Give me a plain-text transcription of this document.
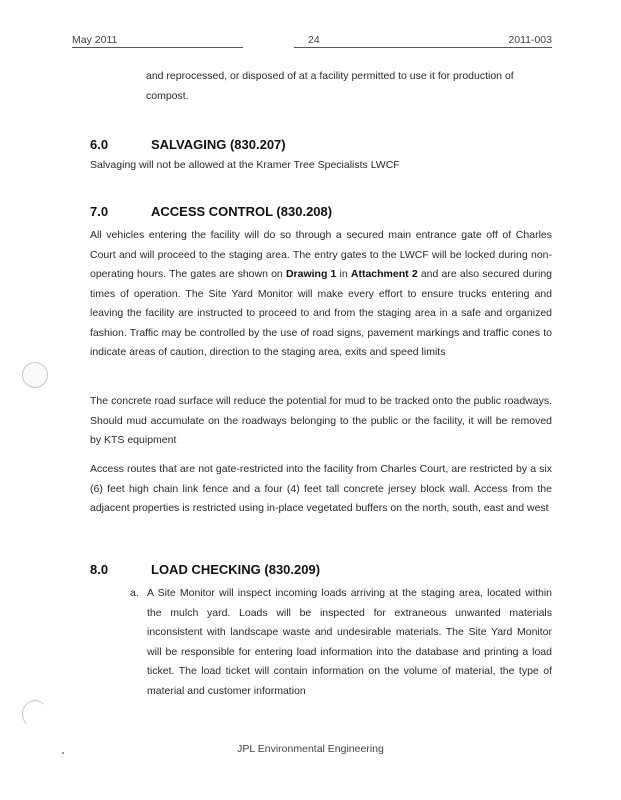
May 2011	24	2011-003

and reprocessed, or disposed of at a facility permitted to use it for production of

compost.

6.0	SALVAGING (830.207)

Salvaging will not be allowed at the Kramer Tree Specialists LWCF

7.0	ACCESS CONTROL (830.208)

All vehicles entering the facility will do so through a secured main entrance gate off of Charles Court and will proceed to the staging area. The entry gates to the LWCF will be locked during non-operating hours. The gates are shown on Drawing 1 in Attachment 2 and are also secured during times of operation. The Site Yard Monitor will make every effort to ensure trucks entering and leaving the facility are instructed to proceed to and from the staging area in a safe and organized fashion. Traffic may be controlled by the use of road signs, pavement markings and traffic cones to indicate areas of caution, direction to the staging area, exits and speed limits

The concrete road surface will reduce the potential for mud to be tracked onto the public roadways. Should mud accumulate on the roadways belonging to the public or the facility, it will be removed by KTS equipment

Access routes that are not gate-restricted into the facility from Charles Court, are restricted by a six (6) feet high chain link fence and a four (4) feet tall concrete jersey block wall. Access from the adjacent properties is restricted using in-place vegetated buffers on the north, south, east and west

8.0	LOAD CHECKING (830.209)
a. A Site Monitor will inspect incoming loads arriving at the staging area, located within the mulch yard. Loads will be inspected for extraneous unwanted materials inconsistent with landscape waste and undesirable materials. The Site Yard Monitor will be responsible for entering load information into the database and printing a load ticket. The load ticket will contain information on the volume of material, the type of material and customer information
JPL Environmental Engineering
